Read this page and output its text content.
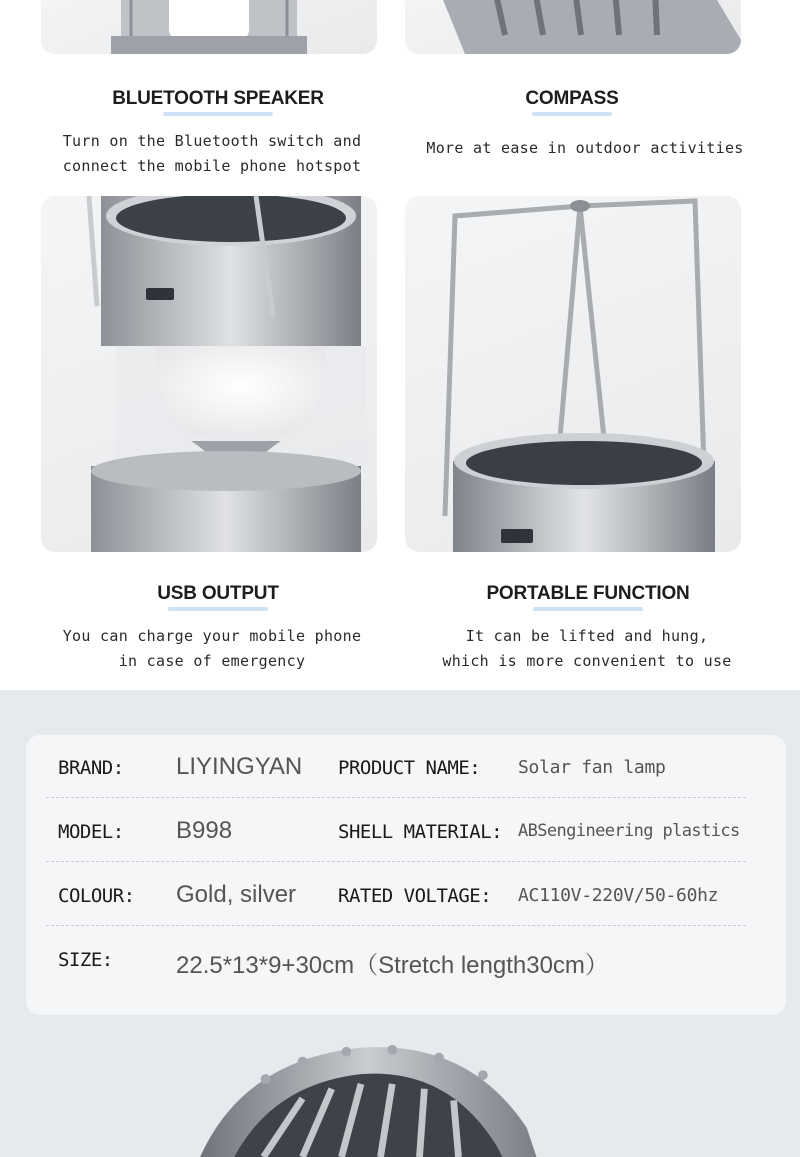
BLUETOOTH SPEAKER	COMPASS
Turn on the Bluetooth switch and
connect the mobile phone hotspot
More at ease in outdoor activities
USB OUTPUT	PORTABLE FUNCTION
You can charge your mobile phone
in case of emergency
It can be lifted and hung,
which is more convenient to use
BRAND: LIYINGYAN PRODUCT NAME: Solar fan lamp
MODEL: B998	SHELL MATERIAL: ABSengineering plastics
COLOUR: Gold, silver RATED VOLTAGE: AC110V-220V/50-60hz
SIZE:	22.5*13*9+30cm（Stretch length30cm）
